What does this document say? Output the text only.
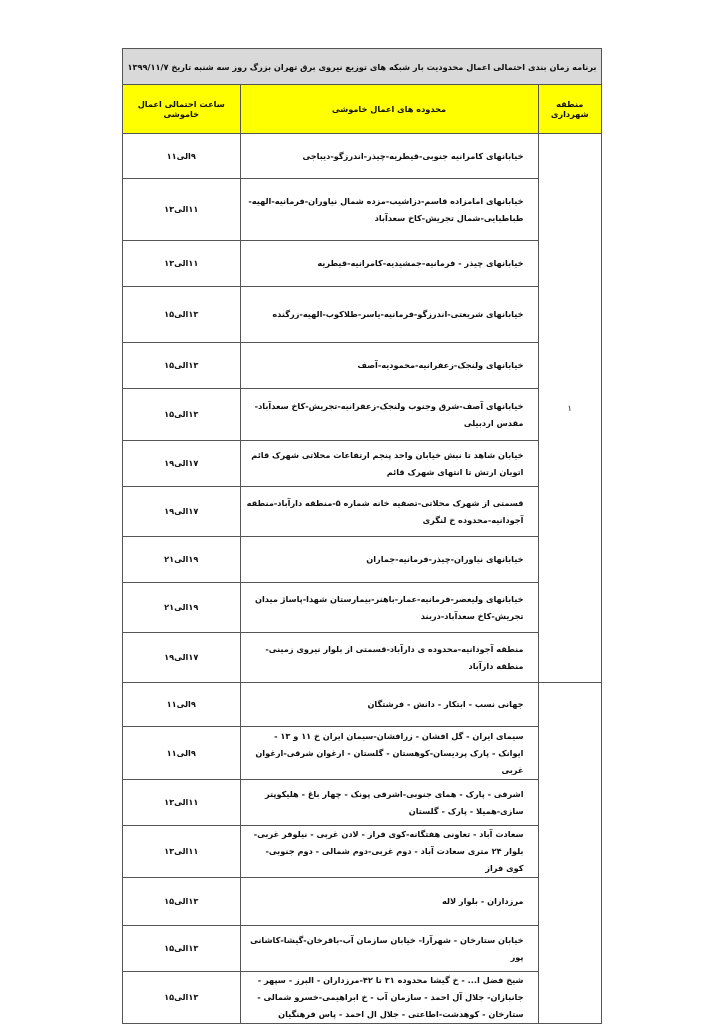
برنامه زمان بندی احتمالی اعمال محدودیت بار شبکه های توزیع نیروی برق تهران بزرگ روز سه شنبه تاریخ ۱۳۹۹/۱۱/۷
منطقه شهرداری	محدوده های اعمال خاموشی	ساعت احتمالی اعمال خاموشی
۱	خیابانهای کامرانیه جنوبی-قیطریه-چیذر-اندرزگو-دیباجی	۹الی۱۱
	خیابانهای امامزاده قاسم-دزاشیب-مزده شمال نیاوران-فرمانیه-الهیه-طباطبایی-شمال تجریش-کاخ سعدآباد	۱۱الی۱۳
	خیابانهای چیذر - فرمانیه-جمشیدیه-کامرانیه-قیطریه	۱۱الی۱۳
	خیابانهای شریعتی-اندرزگو-فرمانیه-یاسر-طلاکوب-الهیه-زرگنده	۱۳الی۱۵
	خیابانهای ولنجک-زعفرانیه-محمودیه-آصف	۱۳الی۱۵
	خیابانهای آصف-شرق وجنوب ولنجک-زعفرانیه-تجریش-کاخ سعدآباد-مقدس اردبیلی	۱۳الی۱۵
	خیابان شاهد تا نبش خیابان واحد پنجم ارتفاعات محلاتی شهرک قائم اتوبان ارتش تا انتهای شهرک قائم	۱۷الی۱۹
	قسمتی از شهرک محلاتی-تصفیه خانه شماره ۵-منطقه دارآباد-منطقه آجودانیه-محدوده خ لنگری	۱۷الی۱۹
	خیابانهای نیاوران-چیذر-فرمانیه-جماران	۱۹الی۲۱
	خیابانهای ولیعصر-فرمانیه-عمار-باهنر-بیمارستان شهدا-پاساژ میدان تجریش-کاخ سعدآباد-دربند	۱۹الی۲۱
	منطقه آجودانیه-محدوده ی دارآباد-قسمتی از بلوار نیروی زمینی-منطقه دارآباد	۱۷الی۱۹
	جهانی نسب - ابتکار - دانش - فرشتگان	۹الی۱۱
	سیمای ایران - گل افشان - زرافشان-سیمان ایران خ ۱۱ و ۱۳ - ایوانک - پارک پردیسان-کوهستان - گلستان - ارغوان شرقی-ارغوان غربی	۹الی۱۱
	اشرفی - پارک - همای جنوبی-اشرفی پونک - چهار باغ - هلیکوپتر سازی-همیلا - پارک - گلستان	۱۱الی۱۳
	سعادت آباد - تعاونی هفتگانه-کوی فراز - لادن غربی - نیلوفر غربی-بلوار ۲۴ متری سعادت آباد - دوم غربی-دوم شمالی - دوم جنوبی- کوی فراز	۱۱الی۱۳
	مرزداران - بلوار لاله	۱۳الی۱۵
	خیابان ستارخان - شهرآرا- خیابان سازمان آب-باقرخان-گیشا-کاشانی پور	۱۳الی۱۵
	شیخ فضل ا... - خ گیشا محدوده ۳۱ تا ۴۲-مرزداران - البرز - سپهر - جانبازان- جلال آل احمد - سازمان آب - خ ابراهیمی-خسرو شمالی - ستارخان - کوهدشت-اطاعتی - جلال ال احمد - پاس فرهنگیان	۱۳الی۱۵
